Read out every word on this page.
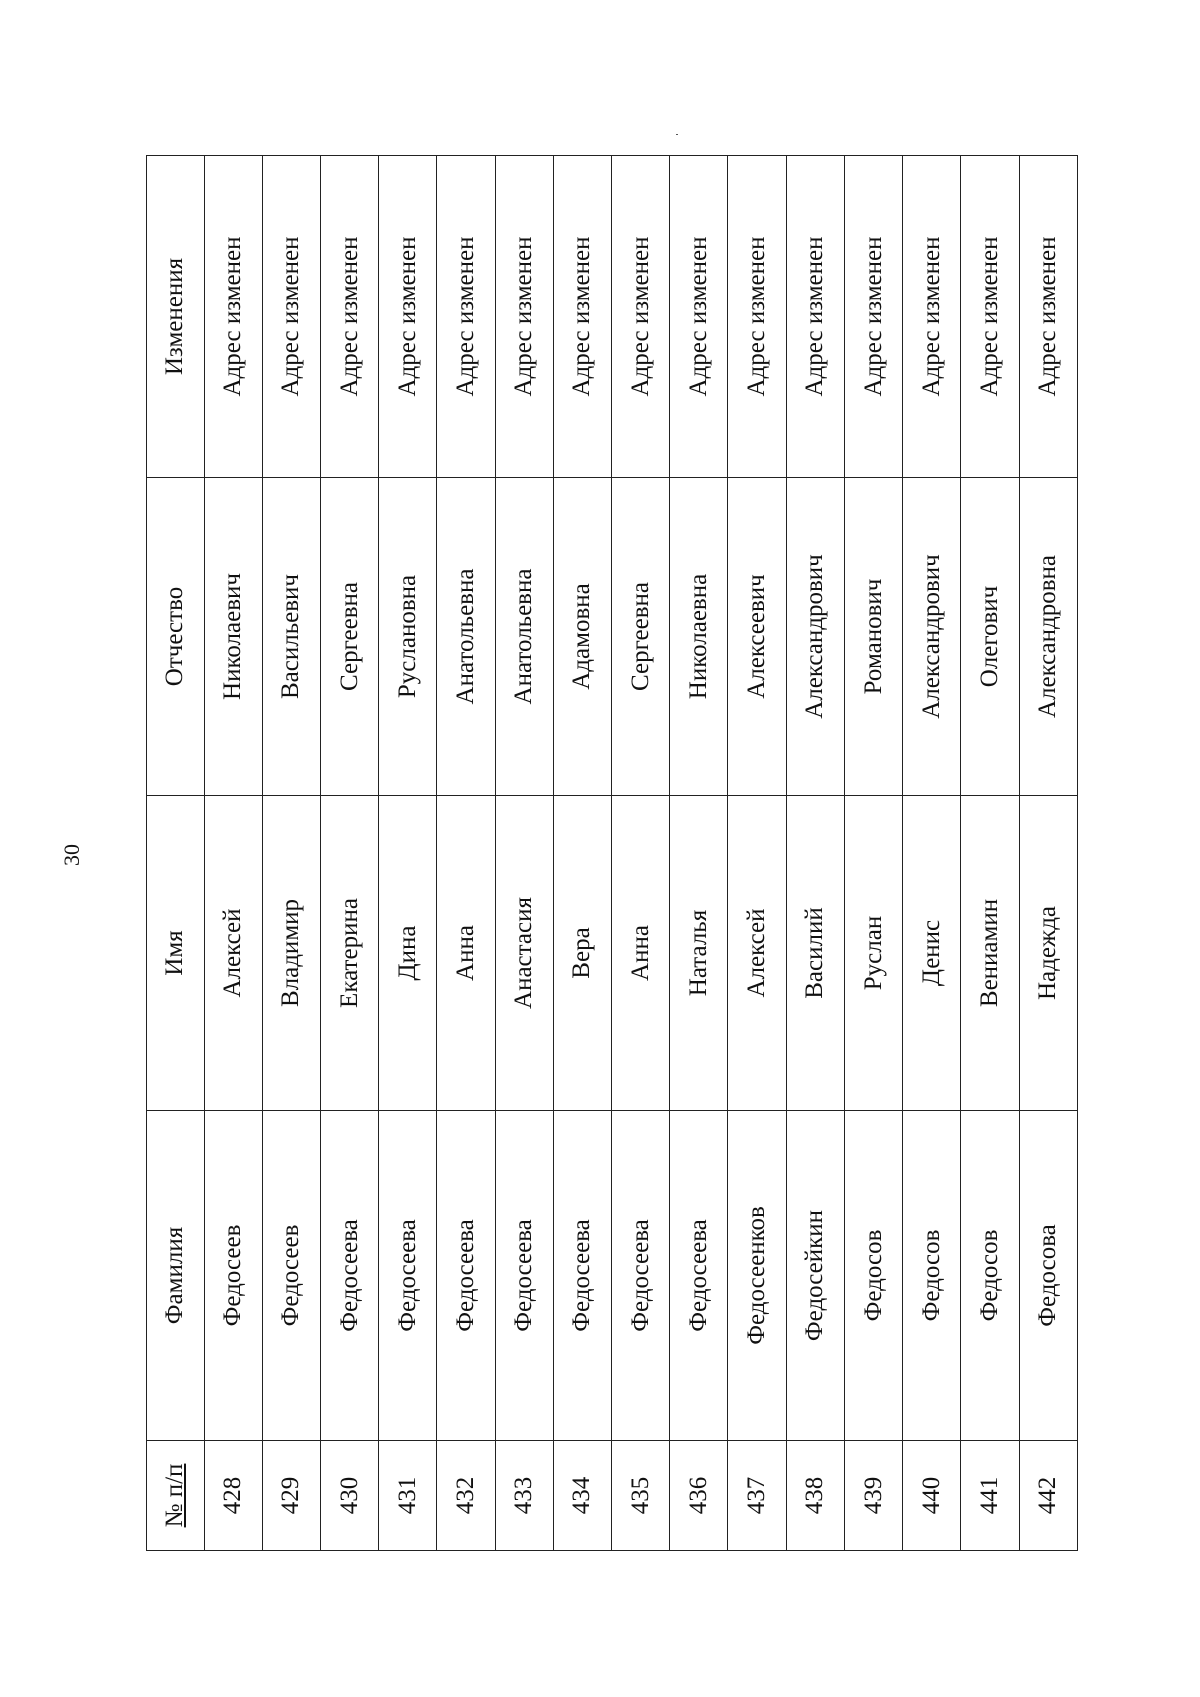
30
№ п/п	Фамилия	Имя	Отчество	Изменения
428	Федосеев	Алексей	Николаевич	Адрес изменен
429	Федосеев	Владимир	Васильевич	Адрес изменен
430	Федосеева	Екатерина	Сергеевна	Адрес изменен
431	Федосеева	Дина	Руслановна	Адрес изменен
432	Федосеева	Анна	Анатольевна	Адрес изменен
433	Федосеева	Анастасия	Анатольевна	Адрес изменен
434	Федосеева	Вера	Адамовна	Адрес изменен
435	Федосеева	Анна	Сергеевна	Адрес изменен
436	Федосеева	Наталья	Николаевна	Адрес изменен
437	Федосеенков	Алексей	Алексеевич	Адрес изменен
438	Федосейкин	Василий	Александрович	Адрес изменен
439	Федосов	Руслан	Романович	Адрес изменен
440	Федосов	Денис	Александрович	Адрес изменен
441	Федосов	Вениамин	Олегович	Адрес изменен
442	Федосова	Надежда	Александровна	Адрес изменен
